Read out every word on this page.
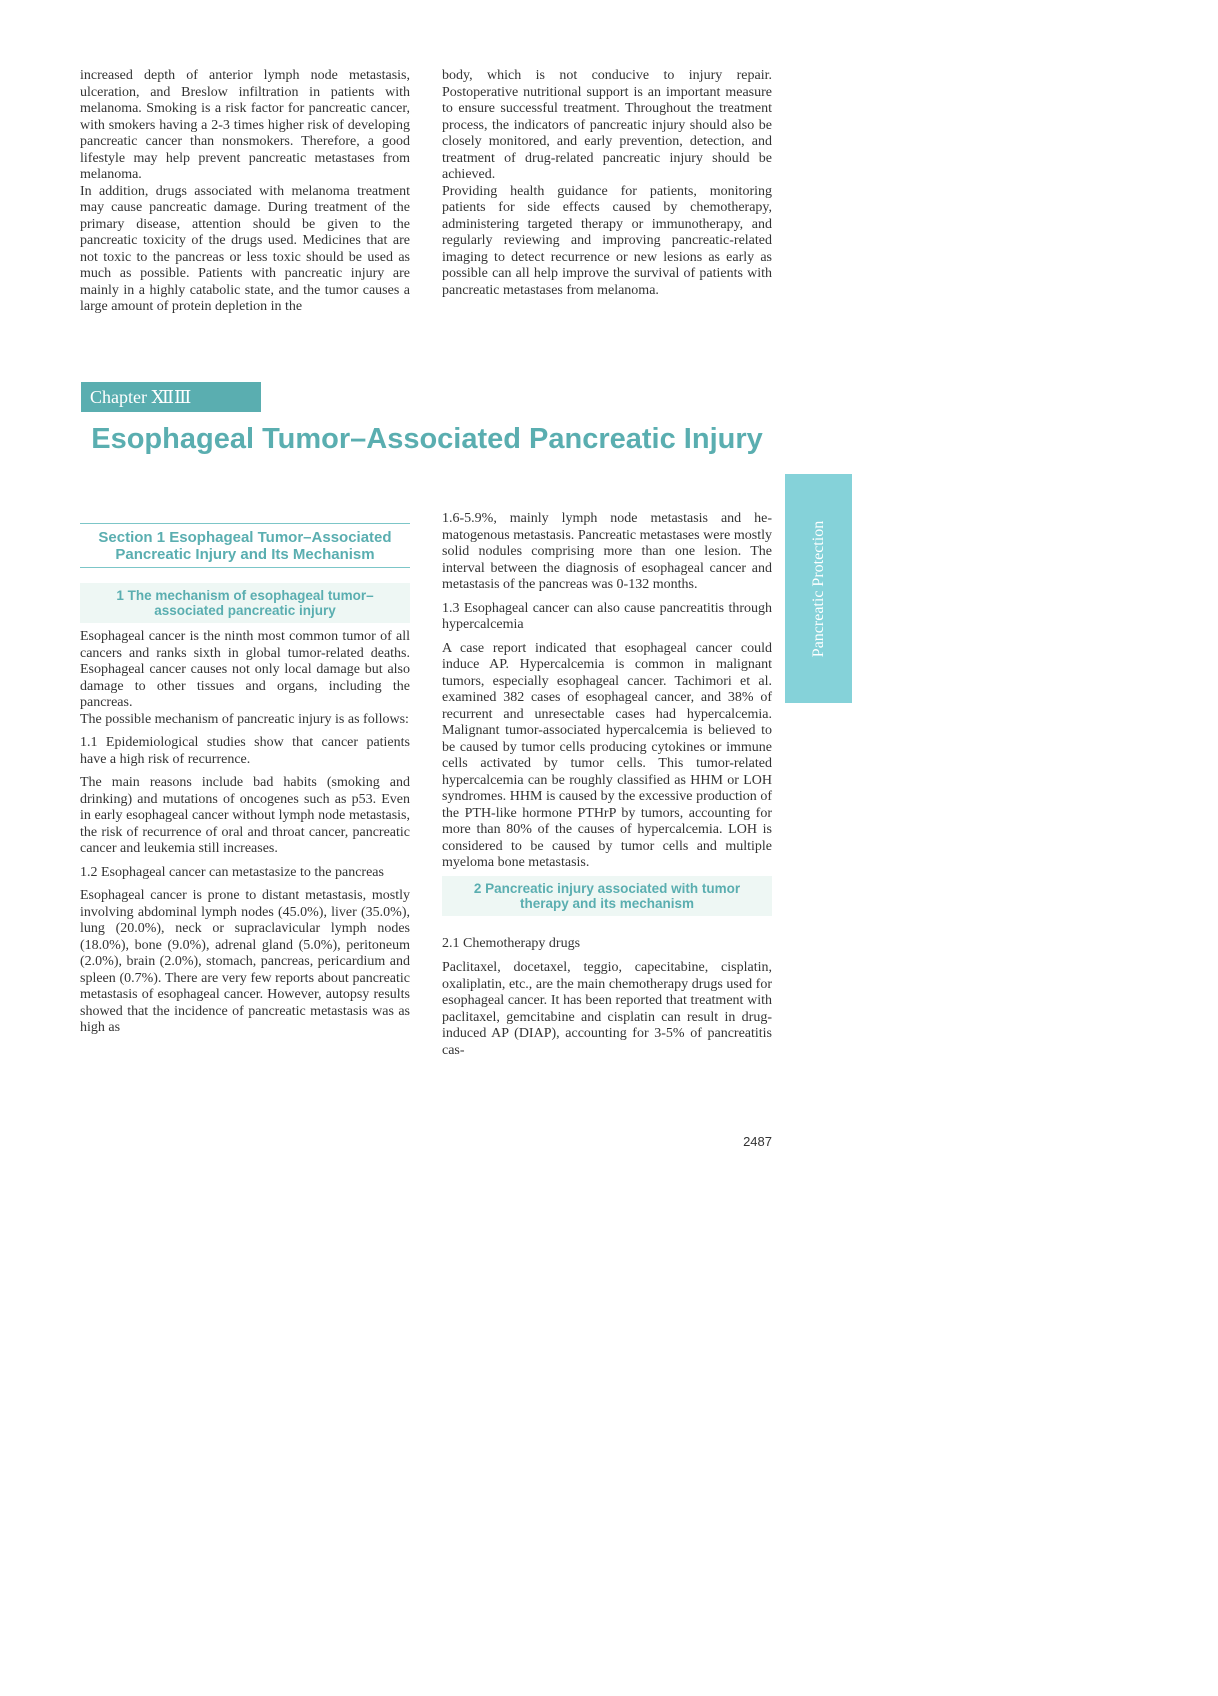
increased depth of anterior lymph node metastasis, ulceration, and Breslow infiltration in patients with melanoma. Smoking is a risk factor for pancreatic cancer, with smokers having a 2-3 times higher risk of developing pancreatic cancer than nonsmokers. Therefore, a good lifestyle may help prevent pancreatic metastases from melanoma.

In addition, drugs associated with melanoma treatment may cause pancreatic damage. During treatment of the primary disease, attention should be given to the pancreatic toxicity of the drugs used. Medicines that are not toxic to the pancreas or less toxic should be used as much as possible. Patients with pancreatic injury are mainly in a highly catabolic state, and the tumor causes a large amount of protein depletion in the

body, which is not conducive to injury repair. Postoperative nutritional support is an important measure to ensure successful treatment. Throughout the treatment process, the indicators of pancreatic injury should also be closely monitored, and early prevention, detection, and treatment of drug-related pancreatic injury should be achieved.

Providing health guidance for patients, monitoring patients for side effects caused by chemotherapy, administering targeted therapy or immunotherapy, and regularly reviewing and improving pancreatic-related imaging to detect recurrence or new lesions as early as possible can all help improve the survival of patients with pancreatic metastases from melanoma.

Chapter ⅫⅢ
Esophageal Tumor–Associated Pancreatic Injury
Pancreatic Protection
Section 1 Esophageal Tumor–Associated Pancreatic Injury and Its Mechanism
1 The mechanism of esophageal tumor–associated pancreatic injury

Esophageal cancer is the ninth most common tumor of all cancers and ranks sixth in global tumor-related deaths. Esophageal cancer causes not only local damage but also damage to other tissues and organs, including the pancreas.

The possible mechanism of pancreatic injury is as follows:

1.1 Epidemiological studies show that cancer patients have a high risk of recurrence.

The main reasons include bad habits (smoking and drinking) and mutations of oncogenes such as p53. Even in early esophageal cancer without lymph node metastasis, the risk of recurrence of oral and throat cancer, pancreatic cancer and leukemia still increases.

1.2 Esophageal cancer can metastasize to the pancreas

Esophageal cancer is prone to distant metastasis, mostly involving abdominal lymph nodes (45.0%), liver (35.0%), lung (20.0%), neck or supraclavicular lymph nodes (18.0%), bone (9.0%), adrenal gland (5.0%), peritoneum (2.0%), brain (2.0%), stomach, pancreas, pericardium and spleen (0.7%). There are very few reports about pancreatic metastasis of esophageal cancer. However, autopsy results showed that the incidence of pancreatic metastasis was as high as

1.6-5.9%, mainly lymph node metastasis and hematogenous metastasis. Pancreatic metastases were mostly solid nodules comprising more than one lesion. The interval between the diagnosis of esophageal cancer and metastasis of the pancreas was 0-132 months.

1.3 Esophageal cancer can also cause pancreatitis through hypercalcemia

A case report indicated that esophageal cancer could induce AP. Hypercalcemia is common in malignant tumors, especially esophageal cancer. Tachimori et al. examined 382 cases of esophageal cancer, and 38% of recurrent and unresectable cases had hypercalcemia. Malignant tumor-associated hypercalcemia is believed to be caused by tumor cells producing cytokines or immune cells activated by tumor cells. This tumor-related hypercalcemia can be roughly classified as HHM or LOH syndromes. HHM is caused by the excessive production of the PTH-like hormone PTHrP by tumors, accounting for more than 80% of the causes of hypercalcemia. LOH is considered to be caused by tumor cells and multiple myeloma bone metastasis.

2 Pancreatic injury associated with tumor therapy and its mechanism

2.1 Chemotherapy drugs

Paclitaxel, docetaxel, teggio, capecitabine, cisplatin, oxaliplatin, etc., are the main chemotherapy drugs used for esophageal cancer. It has been reported that treatment with paclitaxel, gemcitabine and cisplatin can result in drug-induced AP (DIAP), accounting for 3-5% of pancreatitis cas-

2487
